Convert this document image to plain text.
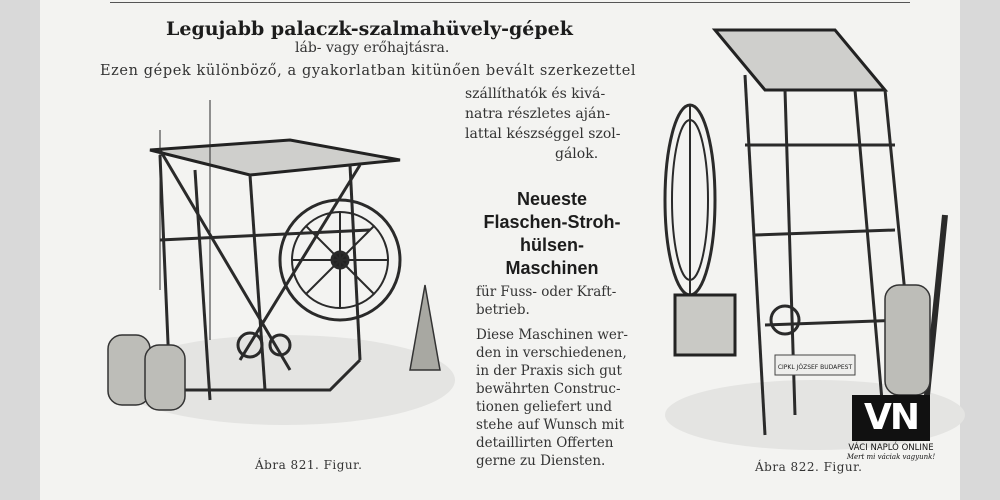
Legujabb palaczk-szalmahüvely-gépek
láb- vagy erőhajtásra.
Ezen gépek különböző, a gyakorlatban kitünően bevált szerkezettel
szállíthatók és kivá-
natra részletes aján-
lattal készséggel szol-
gálok.
Neueste
Flaschen-Stroh-
hülsen-
Maschinen
für Fuss- oder Kraft-
betrieb.
Diese Maschinen wer-
den in verschiedenen,
in der Praxis sich gut
bewährten Construc-
tionen geliefert und
stehe auf Wunsch mit
detaillirten Offerten
gerne zu Diensten.
CIPKL JÓZSEF BUDAPEST
Ábra 821. Figur.	Ábra 822. Figur.
VN
VÁCI NAPLÓ ONLINE
Mert mi váciak vagyunk!
